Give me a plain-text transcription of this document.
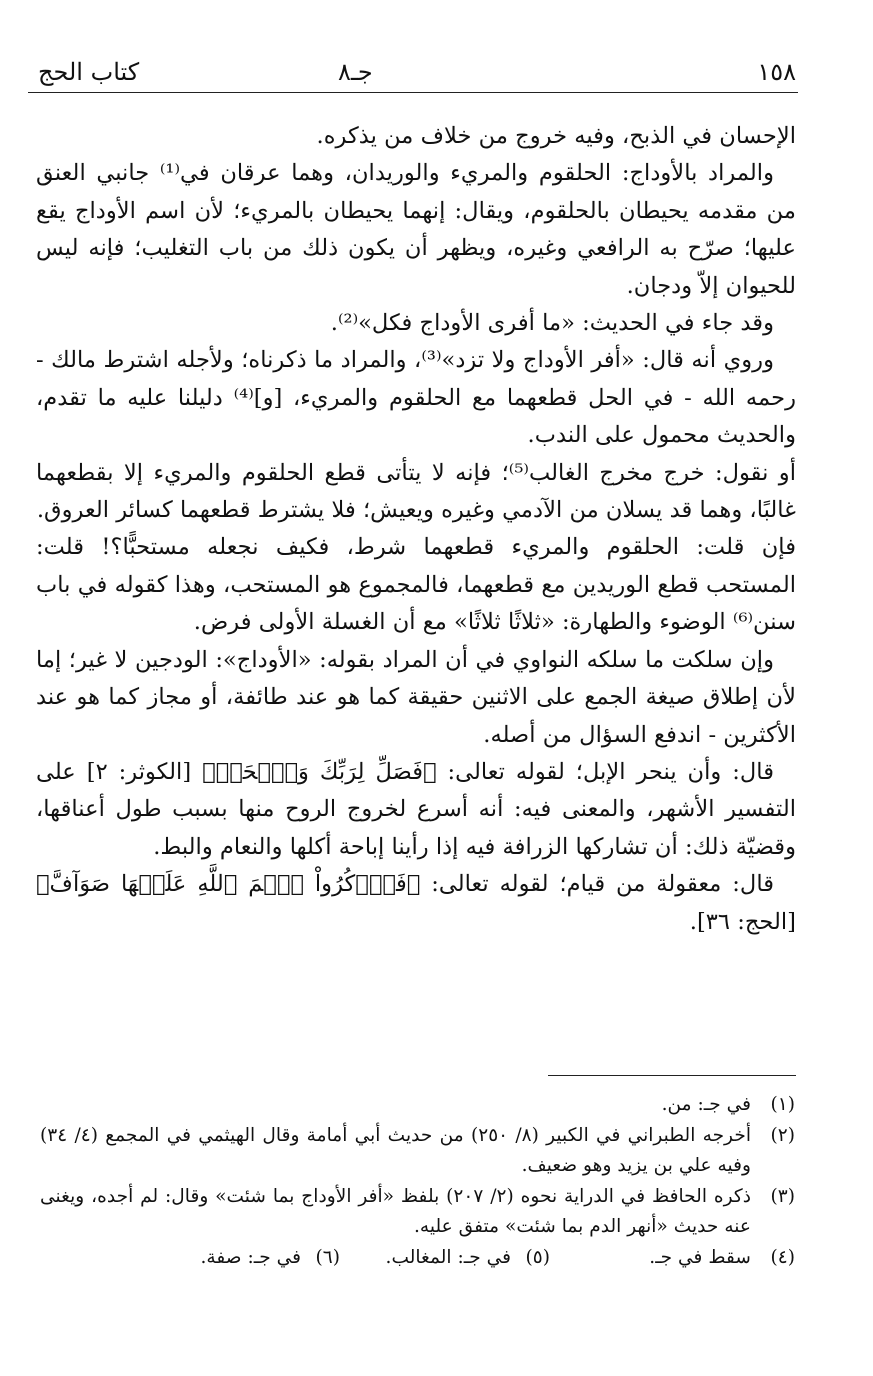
١٥٨
جـ٨
كتاب الحج

الإحسان في الذبح، وفيه خروج من خلاف من يذكره.

والمراد بالأوداج: الحلقوم والمريء والوريدان، وهما عرقان في⁽¹⁾ جانبي العنق من مقدمه يحيطان بالحلقوم، ويقال: إنهما يحيطان بالمريء؛ لأن اسم الأوداج يقع عليها؛ صرّح به الرافعي وغيره، ويظهر أن يكون ذلك من باب التغليب؛ فإنه ليس للحيوان إلاّ ودجان.

وقد جاء في الحديث: «ما أفرى الأوداج فكل»⁽²⁾.

وروي أنه قال: «أفر الأوداج ولا تزد»⁽³⁾، والمراد ما ذكرناه؛ ولأجله اشترط مالك - رحمه الله - في الحل قطعهما مع الحلقوم والمريء، [و]⁽⁴⁾ دليلنا عليه ما تقدم، والحديث محمول على الندب.

أو نقول: خرج مخرج الغالب⁽⁵⁾؛ فإنه لا يتأتى قطع الحلقوم والمريء إلا بقطعهما غالبًا، وهما قد يسلان من الآدمي وغيره ويعيش؛ فلا يشترط قطعهما كسائر العروق.

فإن قلت: الحلقوم والمريء قطعهما شرط، فكيف نجعله مستحبًّا؟! قلت: المستحب قطع الوريدين مع قطعهما، فالمجموع هو المستحب، وهذا كقوله في باب سنن⁽⁶⁾ الوضوء والطهارة: «ثلاثًا ثلاثًا» مع أن الغسلة الأولى فرض.

وإن سلكت ما سلكه النواوي في أن المراد بقوله: «الأوداج»: الودجين لا غير؛ إما لأن إطلاق صيغة الجمع على الاثنين حقيقة كما هو عند طائفة، أو مجاز كما هو عند الأكثرين - اندفع السؤال من أصله.

قال: وأن ينحر الإبل؛ لقوله تعالى: ﴿فَصَلِّ لِرَبِّكَ وَٱنۡحَرۡ﴾ [الكوثر: ٢] على التفسير الأشهر، والمعنى فيه: أنه أسرع لخروج الروح منها بسبب طول أعناقها، وقضيّة ذلك: أن تشاركها الزرافة فيه إذا رأينا إباحة أكلها والنعام والبط.

قال: معقولة من قيام؛ لقوله تعالى: ﴿فَٱذۡكُرُواْ ٱسۡمَ ٱللَّهِ عَلَيۡهَا صَوَآفَّ﴾ [الحج: ٣٦].

(١)
في جـ: من.
(٢)
أخرجه الطبراني في الكبير (٨/ ٢٥٠) من حديث أبي أمامة وقال الهيثمي في المجمع (٤/ ٣٤) وفيه علي بن يزيد وهو ضعيف.
(٣)
ذكره الحافظ في الدراية نحوه (٢/ ٢٠٧) بلفظ «أفر الأوداج بما شئت» وقال: لم أجده، ويغنى عنه حديث «أنهر الدم بما شئت» متفق عليه.
(٤)
سقط في جـ.
(٥)
في جـ: المغالب.
(٦)
في جـ: صفة.
